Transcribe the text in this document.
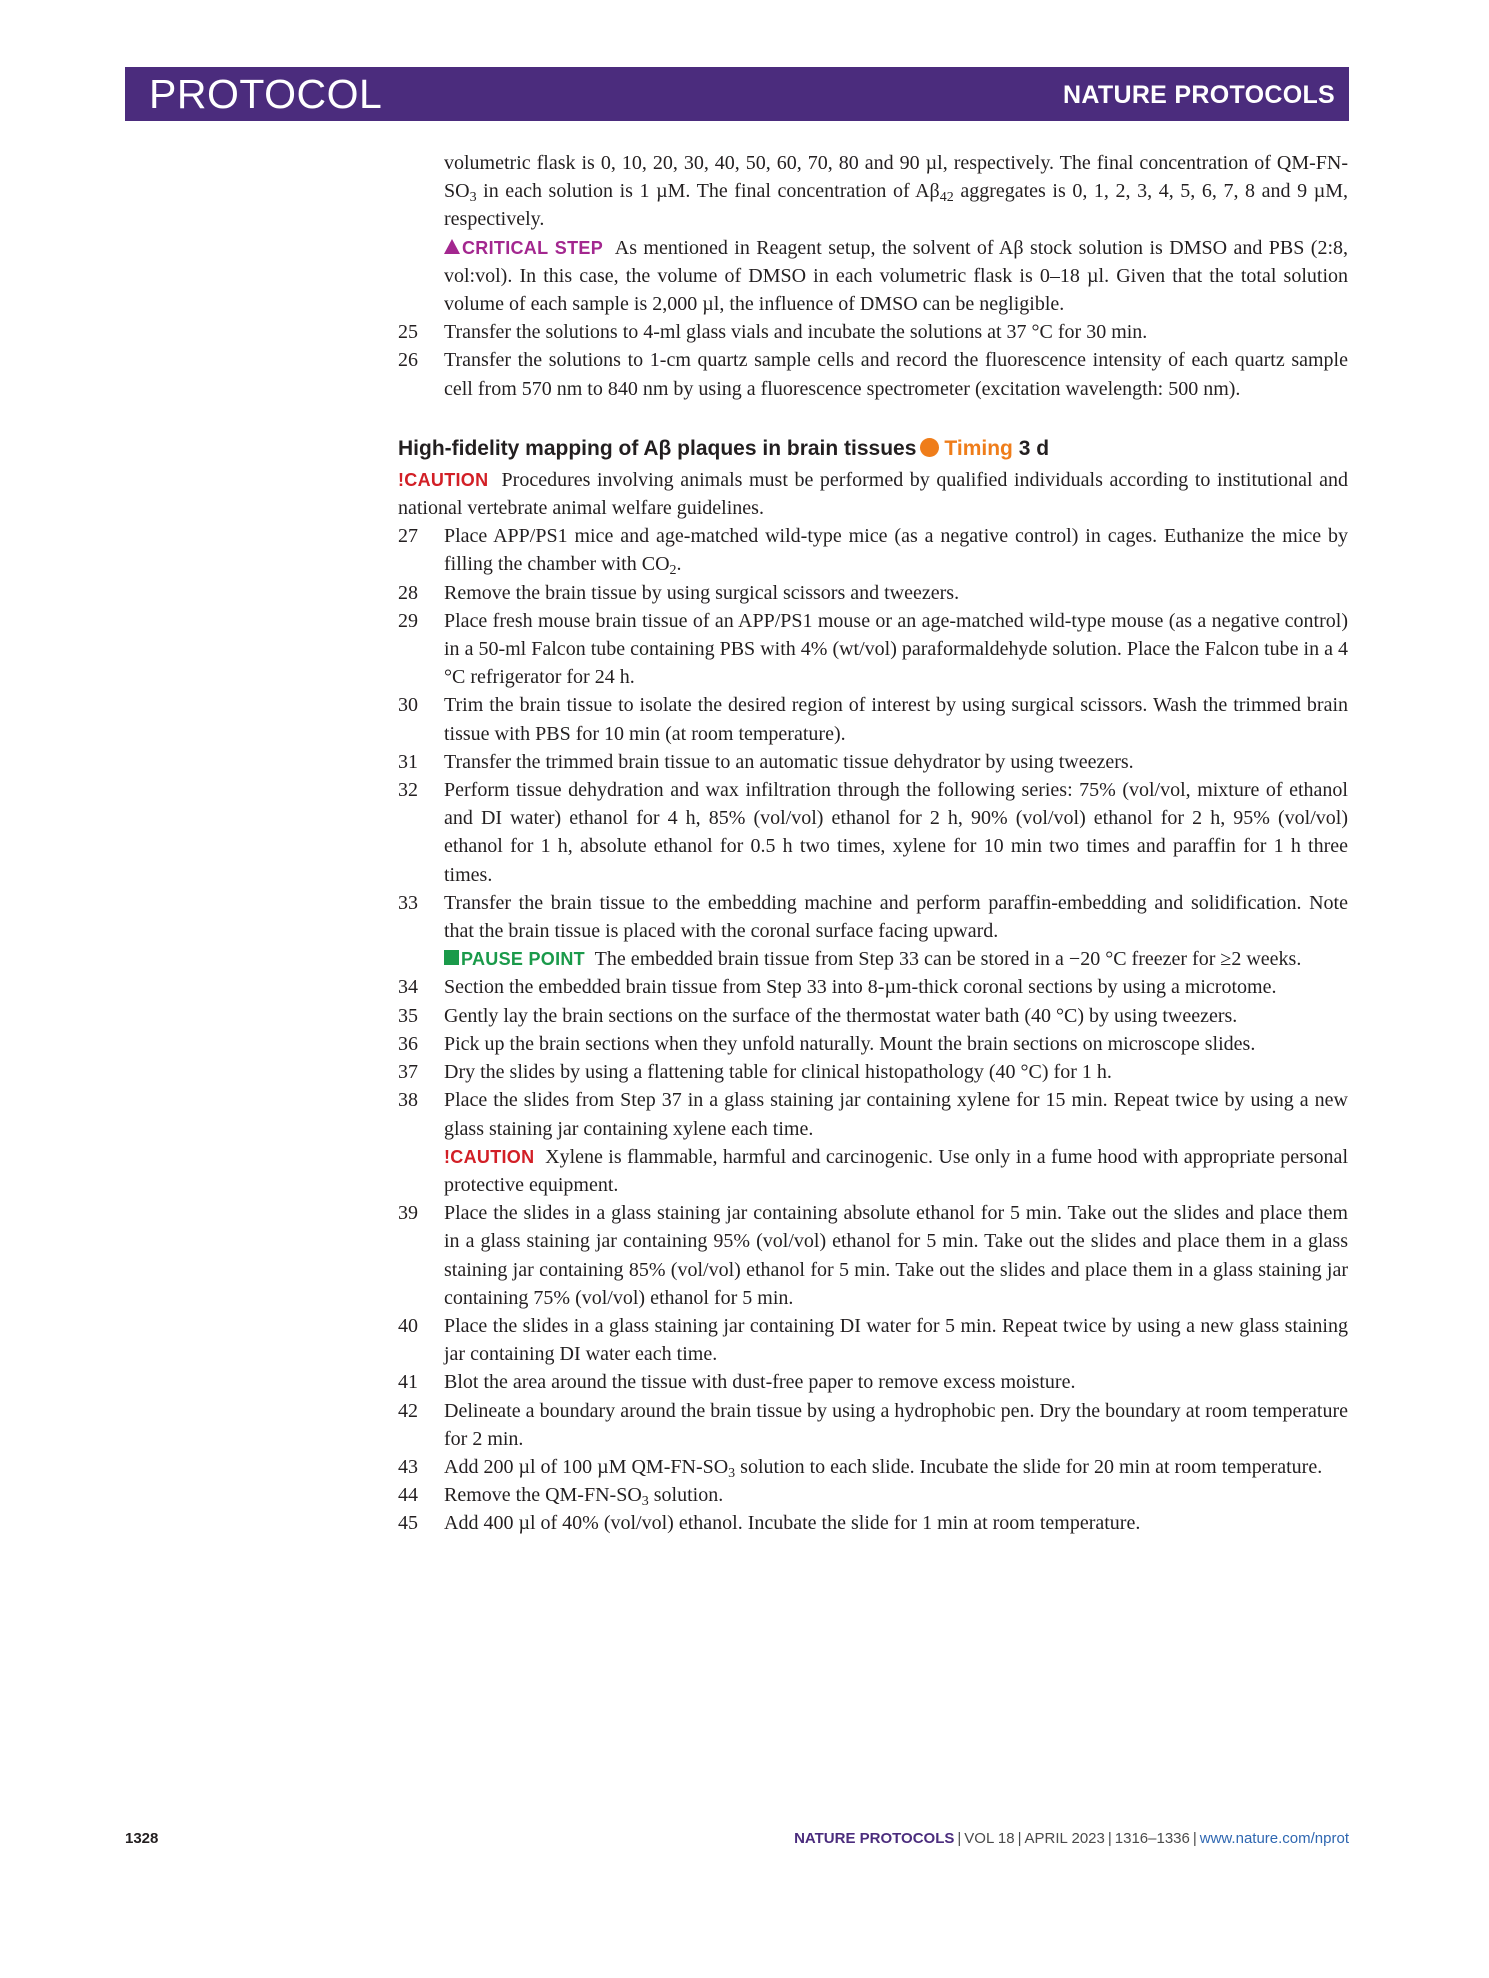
PROTOCOL	NATURE PROTOCOLS

volumetric flask is 0, 10, 20, 30, 40, 50, 60, 70, 80 and 90 µl, respectively. The final concentration of $QM-FN-SO_3$ in each solution is 1 µM. The final concentration of $A\beta_{42}$ aggregates is 0, 1, 2, 3, 4, 5, 6, 7, 8 and 9 µM, respectively.

CRITICAL STEP As mentioned in Reagent setup, the solvent of Aβ stock solution is DMSO and PBS (2:8, vol:vol). In this case, the volume of DMSO in each volumetric flask is 0–18 µl. Given that the total solution volume of each sample is 2,000 µl, the influence of DMSO can be negligible.

25 Transfer the solutions to 4-ml glass vials and incubate the solutions at 37 °C for 30 min.
26 Transfer the solutions to 1-cm quartz sample cells and record the fluorescence intensity of each quartz sample cell from 570 nm to 840 nm by using a fluorescence spectrometer (excitation wavelength: 500 nm).
High-fidelity mapping of Aβ plaques in brain tissues Timing 3 d

!CAUTION Procedures involving animals must be performed by qualified individuals according to institutional and national vertebrate animal welfare guidelines.

27 Place APP/PS1 mice and age-matched wild-type mice (as a negative control) in cages. Euthanize the mice by filling the chamber with $CO_2$.
28 Remove the brain tissue by using surgical scissors and tweezers.
29 Place fresh mouse brain tissue of an APP/PS1 mouse or an age-matched wild-type mouse (as a negative control) in a 50-ml Falcon tube containing PBS with 4% (wt/vol) paraformaldehyde solution. Place the Falcon tube in a 4 °C refrigerator for 24 h.
30 Trim the brain tissue to isolate the desired region of interest by using surgical scissors. Wash the trimmed brain tissue with PBS for 10 min (at room temperature).
31 Transfer the trimmed brain tissue to an automatic tissue dehydrator by using tweezers.
32 Perform tissue dehydration and wax infiltration through the following series: 75% (vol/vol, mixture of ethanol and DI water) ethanol for 4 h, 85% (vol/vol) ethanol for 2 h, 90% (vol/vol) ethanol for 2 h, 95% (vol/vol) ethanol for 1 h, absolute ethanol for 0.5 h two times, xylene for 10 min two times and paraffin for 1 h three times.
33 Transfer the brain tissue to the embedding machine and perform paraffin-embedding and solidification. Note that the brain tissue is placed with the coronal surface facing upward.

PAUSE POINT The embedded brain tissue from Step 33 can be stored in a −20 °C freezer for ≥2 weeks.

34 Section the embedded brain tissue from Step 33 into 8-µm-thick coronal sections by using a microtome.
35 Gently lay the brain sections on the surface of the thermostat water bath (40 °C) by using tweezers.
36 Pick up the brain sections when they unfold naturally. Mount the brain sections on microscope slides.
37 Dry the slides by using a flattening table for clinical histopathology (40 °C) for 1 h.
38 Place the slides from Step 37 in a glass staining jar containing xylene for 15 min. Repeat twice by using a new glass staining jar containing xylene each time.

!CAUTION Xylene is flammable, harmful and carcinogenic. Use only in a fume hood with appropriate personal protective equipment.

39 Place the slides in a glass staining jar containing absolute ethanol for 5 min. Take out the slides and place them in a glass staining jar containing 95% (vol/vol) ethanol for 5 min. Take out the slides and place them in a glass staining jar containing 85% (vol/vol) ethanol for 5 min. Take out the slides and place them in a glass staining jar containing 75% (vol/vol) ethanol for 5 min.
40 Place the slides in a glass staining jar containing DI water for 5 min. Repeat twice by using a new glass staining jar containing DI water each time.
41 Blot the area around the tissue with dust-free paper to remove excess moisture.
42 Delineate a boundary around the brain tissue by using a hydrophobic pen. Dry the boundary at room temperature for 2 min.
43 Add 200 µl of 100 µM $QM-FN-SO_3$ solution to each slide. Incubate the slide for 20 min at room temperature.
44 Remove the $QM-FN-SO_3$ solution.
45 Add 400 µl of 40% (vol/vol) ethanol. Incubate the slide for 1 min at room temperature.
1328	NATURE PROTOCOLS | VOL 18 | APRIL 2023 | 1316–1336 | www.nature.com/nprot
